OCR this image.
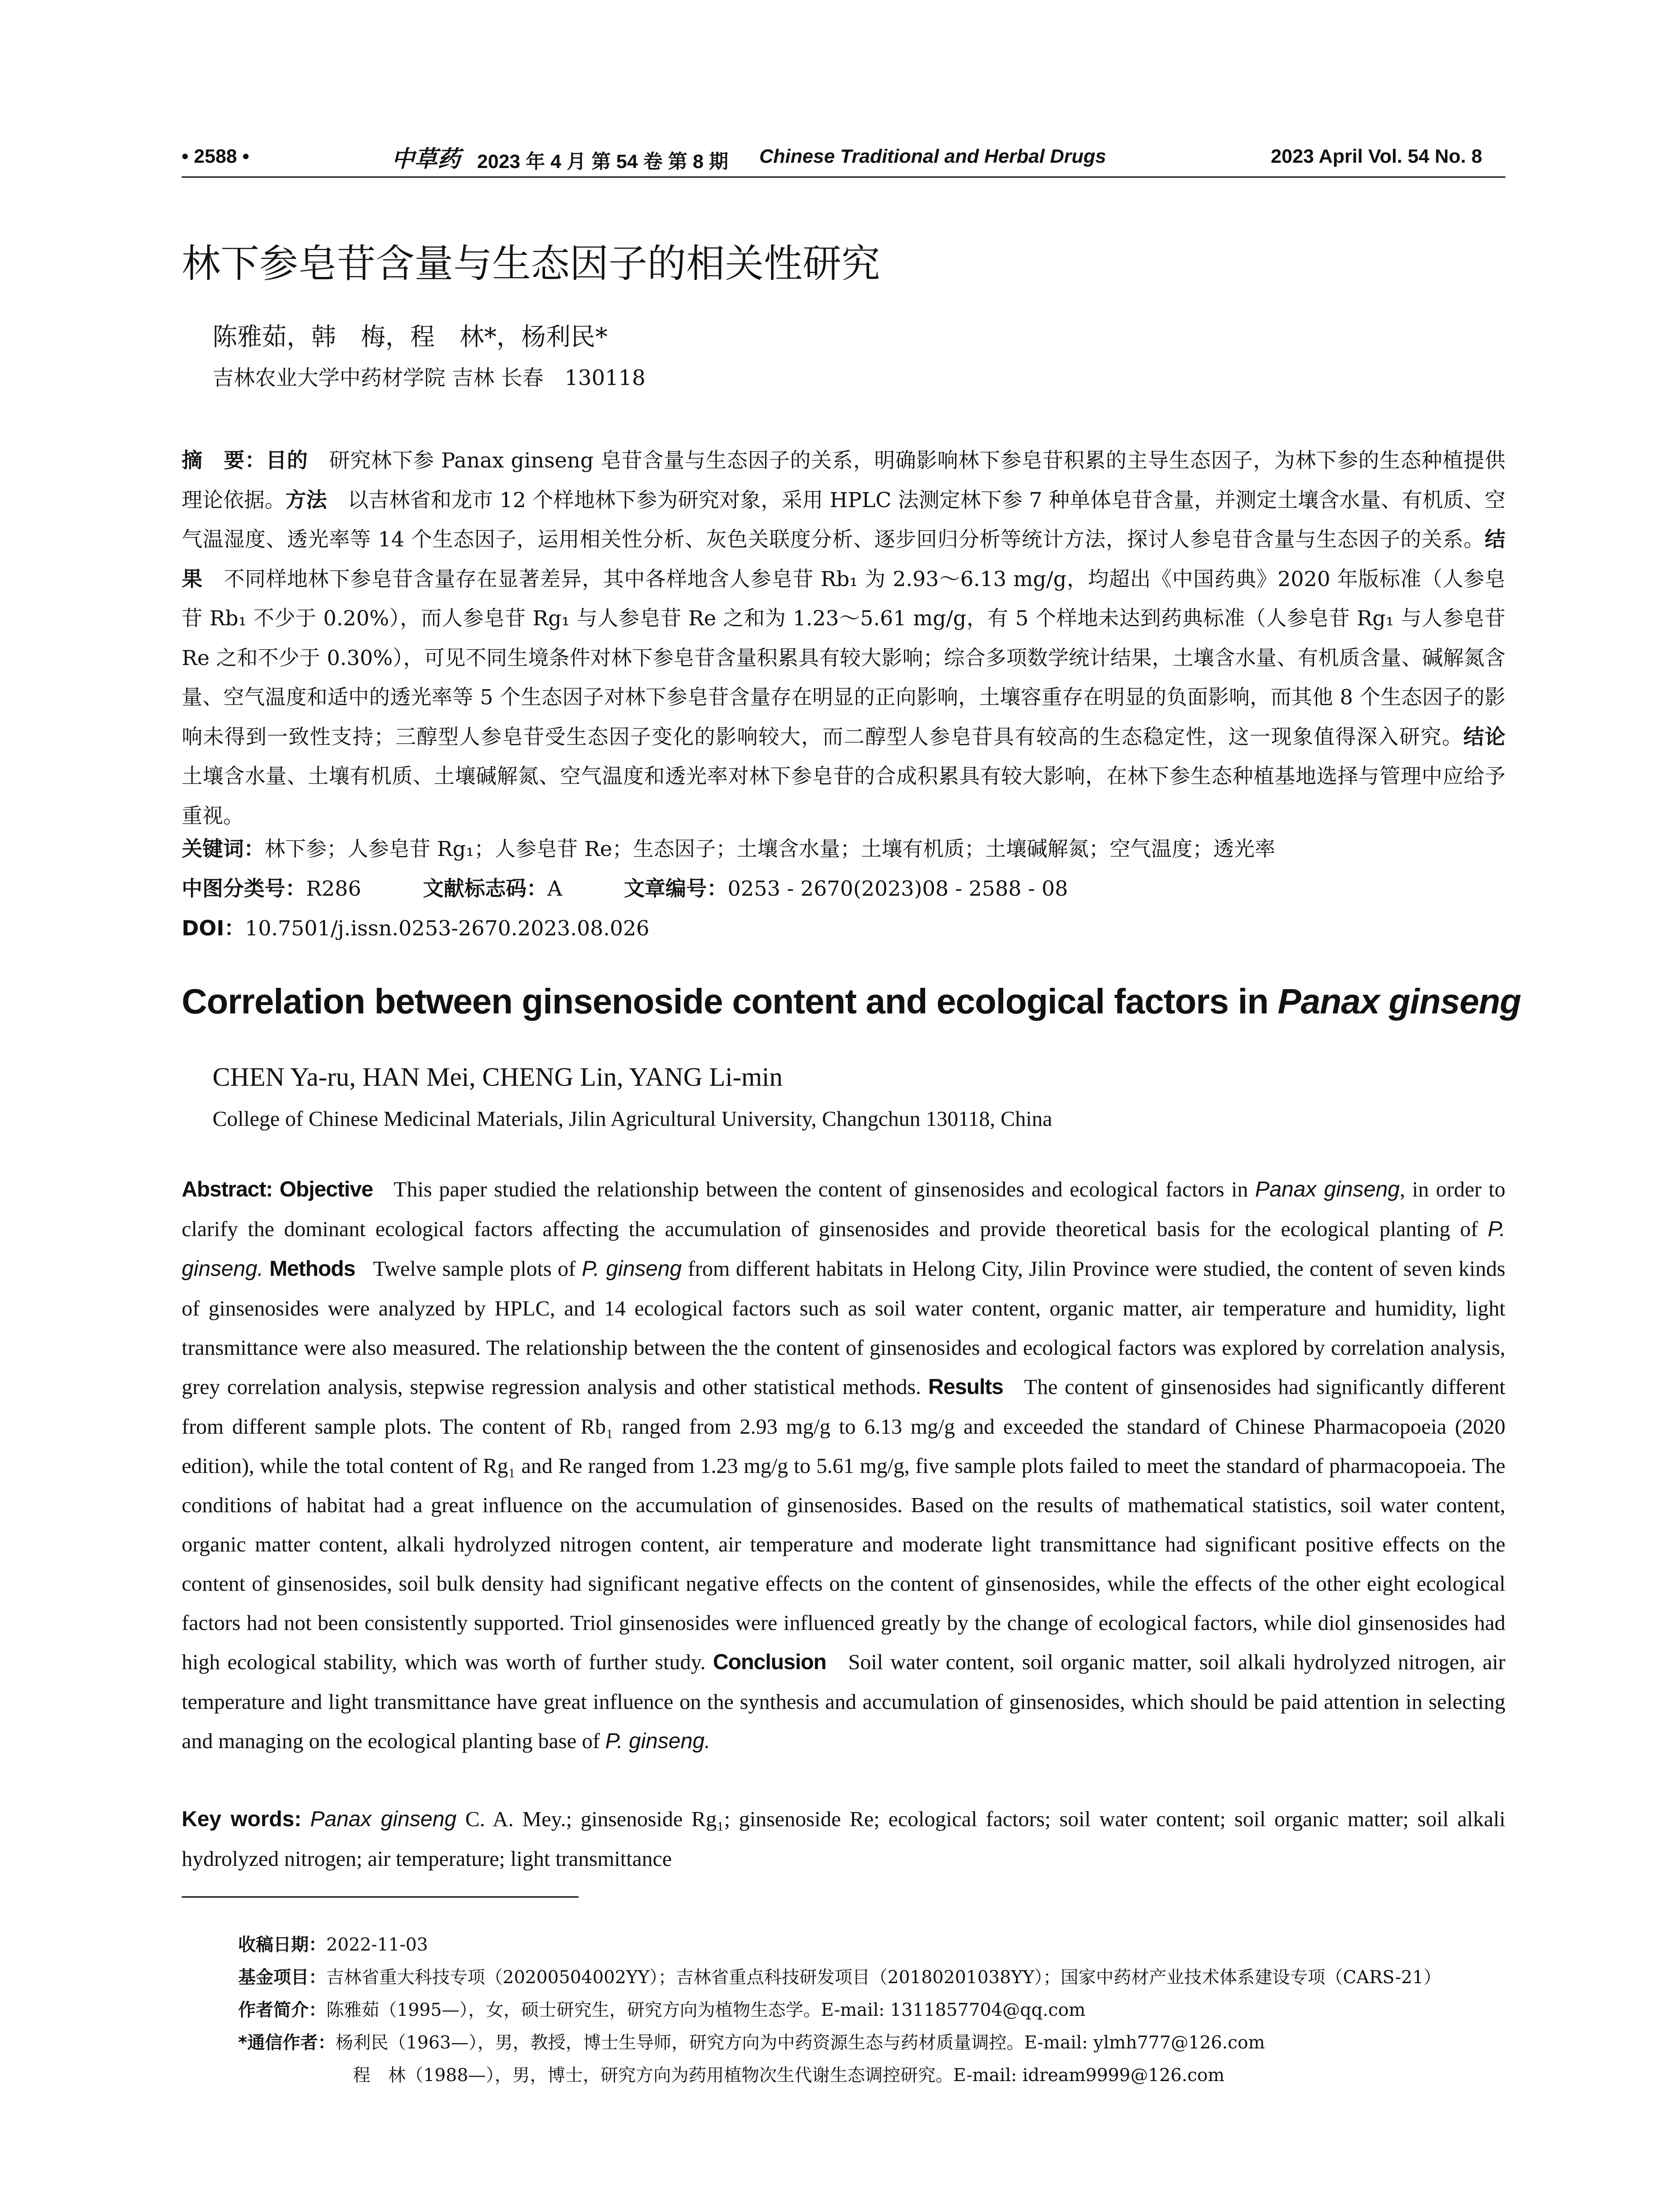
• 2588 •	中草药 2023 年 4 月 第 54 卷 第 8 期 Chinese Traditional and Herbal Drugs	2023 April Vol. 54 No. 8
林下参皂苷含量与生态因子的相关性研究
陈雅茹，韩　梅，程　林*，杨利民*
吉林农业大学中药材学院 吉林 长春　130118
摘　要：目的　 研究林下参 Panax ginseng 皂苷含量与生态因子的关系，明确影响林下参皂苷积累的主导生态因子，为林下参的生态种植提供理论依据。方法　 以吉林省和龙市 12 个样地林下参为研究对象，采用 HPLC 法测定林下参 7 种单体皂苷含量，并测定土壤含水量、有机质、空气温湿度、透光率等 14 个生态因子，运用相关性分析、灰色关联度分析、逐步回归分析等统计方法，探讨人参皂苷含量与生态因子的关系。结果　 不同样地林下参皂苷含量存在显著差异，其中各样地含人参皂苷 Rb₁ 为 2.93～6.13 mg/g，均超出《中国药典》2020 年版标准（人参皂苷 Rb₁ 不少于 0.20%），而人参皂苷 Rg₁ 与人参皂苷 Re 之和为 1.23～5.61 mg/g，有 5 个样地未达到药典标准（人参皂苷 Rg₁ 与人参皂苷 Re 之和不少于 0.30%），可见不同生境条件对林下参皂苷含量积累具有较大影响；综合多项数学统计结果，土壤含水量、有机质含量、碱解氮含量、空气温度和适中的透光率等 5 个生态因子对林下参皂苷含量存在明显的正向影响，土壤容重存在明显的负面影响，而其他 8 个生态因子的影响未得到一致性支持；三醇型人参皂苷受生态因子变化的影响较大，而二醇型人参皂苷具有较高的生态稳定性，这一现象值得深入研究。结论　土壤含水量、土壤有机质、土壤碱解氮、空气温度和透光率对林下参皂苷的合成积累具有较大影响，在林下参生态种植基地选择与管理中应给予重视。
关键词：林下参；人参皂苷 Rg₁；人参皂苷 Re；生态因子；土壤含水量；土壤有机质；土壤碱解氮；空气温度；透光率
中图分类号：R286	文献标志码：A	文章编号：0253 - 2670(2023)08 - 2588 - 08
DOI：10.7501/j.issn.0253-2670.2023.08.026
Correlation between ginsenoside content and ecological factors in Panax ginseng
CHEN Ya-ru, HAN Mei, CHENG Lin, YANG Li-min
College of Chinese Medicinal Materials, Jilin Agricultural University, Changchun 130118, China
Abstract: Objective This paper studied the relationship between the content of ginsenosides and ecological factors in Panax ginseng, in order to clarify the dominant ecological factors affecting the accumulation of ginsenosides and provide theoretical basis for the ecological planting of P. ginseng. Methods Twelve sample plots of P. ginseng from different habitats in Helong City, Jilin Province were studied, the content of seven kinds of ginsenosides were analyzed by HPLC, and 14 ecological factors such as soil water content, organic matter, air temperature and humidity, light transmittance were also measured. The relationship between the the content of ginsenosides and ecological factors was explored by correlation analysis, grey correlation analysis, stepwise regression analysis and other statistical methods. Results The content of ginsenosides had significantly different from different sample plots. The content of Rb₁ ranged from 2.93 mg/g to 6.13 mg/g and exceeded the standard of Chinese Pharmacopoeia (2020 edition), while the total content of Rg₁ and Re ranged from 1.23 mg/g to 5.61 mg/g, five sample plots failed to meet the standard of pharmacopoeia. The conditions of habitat had a great influence on the accumulation of ginsenosides. Based on the results of mathematical statistics, soil water content, organic matter content, alkali hydrolyzed nitrogen content, air temperature and moderate light transmittance had significant positive effects on the content of ginsenosides, soil bulk density had significant negative effects on the content of ginsenosides, while the effects of the other eight ecological factors had not been consistently supported. Triol ginsenosides were influenced greatly by the change of ecological factors, while diol ginsenosides had high ecological stability, which was worth of further study. Conclusion Soil water content, soil organic matter, soil alkali hydrolyzed nitrogen, air temperature and light transmittance have great influence on the synthesis and accumulation of ginsenosides, which should be paid attention in selecting and managing on the ecological planting base of P. ginseng.
Key words: Panax ginseng C. A. Mey.; ginsenoside Rg₁; ginsenoside Re; ecological factors; soil water content; soil organic matter; soil alkali hydrolyzed nitrogen; air temperature; light transmittance
收稿日期：2022-11-03
基金项目：吉林省重大科技专项（20200504002YY）；吉林省重点科技研发项目（20180201038YY）；国家中药材产业技术体系建设专项（CARS-21）
作者简介：陈雅茹（1995—），女，硕士研究生，研究方向为植物生态学。E-mail: 1311857704@qq.com
*通信作者：杨利民（1963—），男，教授，博士生导师，研究方向为中药资源生态与药材质量调控。E-mail: ylmh777@126.com
程　林（1988—），男，博士，研究方向为药用植物次生代谢生态调控研究。E-mail: idream9999@126.com
